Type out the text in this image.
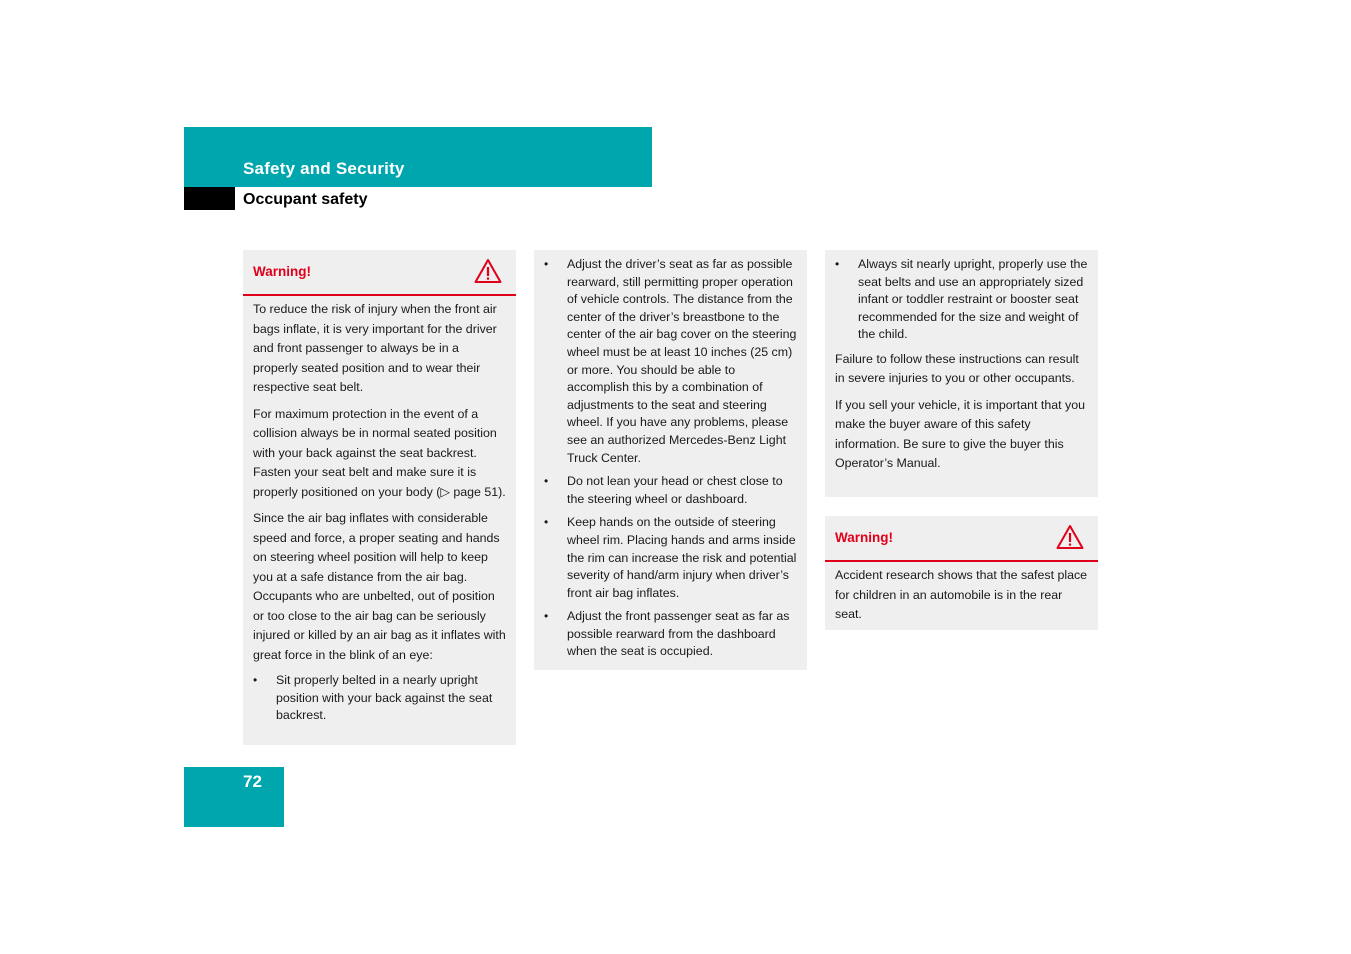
Safety and Security
Occupant safety
Warning!

To reduce the risk of injury when the front air bags inflate, it is very important for the driver and front passenger to always be in a properly seated position and to wear their respective seat belt.

For maximum protection in the event of a collision always be in normal seated position with your back against the seat backrest. Fasten your seat belt and make sure it is properly positioned on your body (▷ page 51).

Since the air bag inflates with considerable speed and force, a proper seating and hands on steering wheel position will help to keep you at a safe distance from the air bag. Occupants who are unbelted, out of position or too close to the air bag can be seriously injured or killed by an air bag as it inflates with great force in the blink of an eye:

• Sit properly belted in a nearly upright position with your back against the seat backrest.
• Adjust the driver’s seat as far as possible rearward, still permitting proper operation of vehicle controls. The distance from the center of the driver’s breastbone to the center of the air bag cover on the steering wheel must be at least 10 inches (25 cm) or more. You should be able to accomplish this by a combination of adjustments to the seat and steering wheel. If you have any problems, please see an authorized Mercedes-Benz Light Truck Center.
• Do not lean your head or chest close to the steering wheel or dashboard.
• Keep hands on the outside of steering wheel rim. Placing hands and arms inside the rim can increase the risk and potential severity of hand/arm injury when driver’s front air bag inflates.
• Adjust the front passenger seat as far as possible rearward from the dashboard when the seat is occupied.
• Always sit nearly upright, properly use the seat belts and use an appropriately sized infant or toddler restraint or booster seat recommended for the size and weight of the child.

Failure to follow these instructions can result in severe injuries to you or other occupants.

If you sell your vehicle, it is important that you make the buyer aware of this safety information. Be sure to give the buyer this Operator’s Manual.

Warning!

Accident research shows that the safest place for children in an automobile is in the rear seat.

72
